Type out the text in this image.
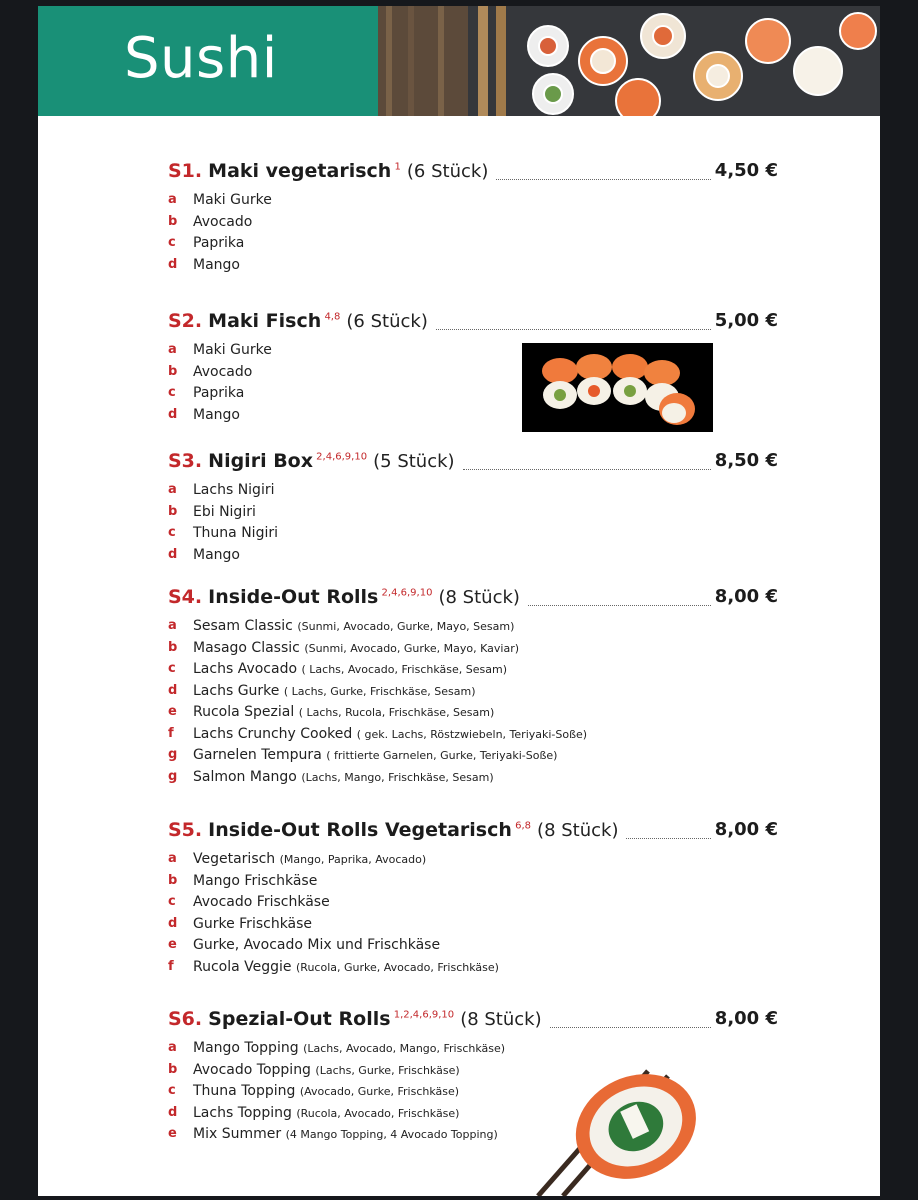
Sushi
S1. Maki vegetarisch $^1$ (6 Stück)	4,50 €
a	Maki Gurke
b	Avocado
c	Paprika
d	Mango
S2. Maki Fisch $^{4,8}$ (6 Stück)	5,00 €
a	Maki Gurke
b	Avocado
c	Paprika
d	Mango
S3. Nigiri Box $^{2,4,6,9,10}$ (5 Stück)	8,50 €
a	Lachs Nigiri
b	Ebi Nigiri
c	Thuna Nigiri
d	Mango
S4. Inside-Out Rolls $^{2,4,6,9,10}$ (8 Stück)	8,00 €
a	Sesam Classic (Sunmi, Avocado, Gurke, Mayo, Sesam)
b	Masago Classic (Sunmi, Avocado, Gurke, Mayo, Kaviar)
c	Lachs Avocado ( Lachs, Avocado, Frischkäse, Sesam)
d	Lachs Gurke ( Lachs, Gurke, Frischkäse, Sesam)
e	Rucola Spezial ( Lachs, Rucola, Frischkäse, Sesam)
f	Lachs Crunchy Cooked ( gek. Lachs, Röstzwiebeln, Teriyaki-Soße)
g	Garnelen Tempura ( frittierte Garnelen, Gurke, Teriyaki-Soße)
g	Salmon Mango (Lachs, Mango, Frischkäse, Sesam)
S5. Inside-Out Rolls Vegetarisch $^{6,8}$ (8 Stück)	8,00 €
a	Vegetarisch (Mango, Paprika, Avocado)
b	Mango Frischkäse
c	Avocado Frischkäse
d	Gurke Frischkäse
e	Gurke, Avocado Mix und Frischkäse
f	Rucola Veggie (Rucola, Gurke, Avocado, Frischkäse)
S6. Spezial-Out Rolls $^{1,2,4,6,9,10}$ (8 Stück)	8,00 €
a	Mango Topping (Lachs, Avocado, Mango, Frischkäse)
b	Avocado Topping (Lachs, Gurke, Frischkäse)
c	Thuna Topping (Avocado, Gurke, Frischkäse)
d	Lachs Topping (Rucola, Avocado, Frischkäse)
e	Mix Summer (4 Mango Topping, 4 Avocado Topping)
